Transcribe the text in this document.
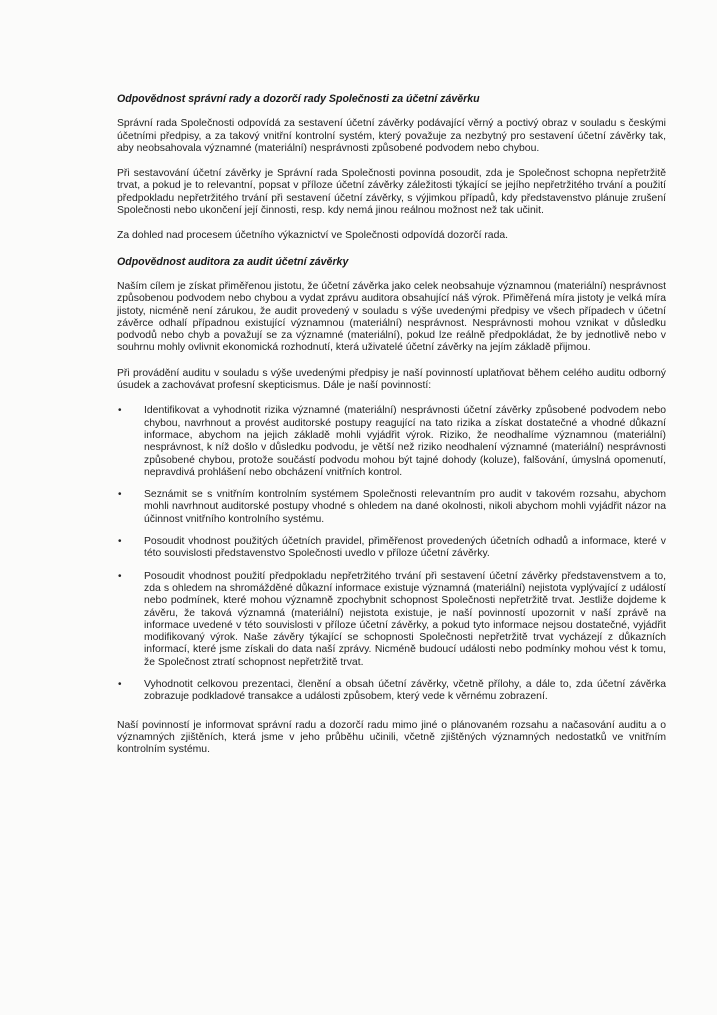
Odpovědnost správní rady a dozorčí rady Společnosti za účetní závěrku

Správní rada Společnosti odpovídá za sestavení účetní závěrky podávající věrný a poctivý obraz v souladu s českými účetními předpisy, a za takový vnitřní kontrolní systém, který považuje za nezbytný pro sestavení účetní závěrky tak, aby neobsahovala významné (materiální) nesprávnosti způsobené podvodem nebo chybou.

Při sestavování účetní závěrky je Správní rada Společnosti povinna posoudit, zda je Společnost schopna nepřetržitě trvat, a pokud je to relevantní, popsat v příloze účetní závěrky záležitosti týkající se jejího nepřetržitého trvání a použití předpokladu nepřetržitého trvání při sestavení účetní závěrky, s výjimkou případů, kdy představenstvo plánuje zrušení Společnosti nebo ukončení její činnosti, resp. kdy nemá jinou reálnou možnost než tak učinit.

Za dohled nad procesem účetního výkaznictví ve Společnosti odpovídá dozorčí rada.

Odpovědnost auditora za audit účetní závěrky

Naším cílem je získat přiměřenou jistotu, že účetní závěrka jako celek neobsahuje významnou (materiální) nesprávnost způsobenou podvodem nebo chybou a vydat zprávu auditora obsahující náš výrok. Přiměřená míra jistoty je velká míra jistoty, nicméně není zárukou, že audit provedený v souladu s výše uvedenými předpisy ve všech případech v účetní závěrce odhalí případnou existující významnou (materiální) nesprávnost. Nesprávnosti mohou vznikat v důsledku podvodů nebo chyb a považují se za významné (materiální), pokud lze reálně předpokládat, že by jednotlivě nebo v souhrnu mohly ovlivnit ekonomická rozhodnutí, která uživatelé účetní závěrky na jejím základě přijmou.

Při provádění auditu v souladu s výše uvedenými předpisy je naší povinností uplatňovat během celého auditu odborný úsudek a zachovávat profesní skepticismus. Dále je naší povinností:

• Identifikovat a vyhodnotit rizika významné (materiální) nesprávnosti účetní závěrky způsobené podvodem nebo chybou, navrhnout a provést auditorské postupy reagující na tato rizika a získat dostatečné a vhodné důkazní informace, abychom na jejich základě mohli vyjádřit výrok. Riziko, že neodhalíme významnou (materiální) nesprávnost, k níž došlo v důsledku podvodu, je větší než riziko neodhalení významné (materiální) nesprávnosti způsobené chybou, protože součástí podvodu mohou být tajné dohody (koluze), falšování, úmyslná opomenutí, nepravdivá prohlášení nebo obcházení vnitřních kontrol.
• Seznámit se s vnitřním kontrolním systémem Společnosti relevantním pro audit v takovém rozsahu, abychom mohli navrhnout auditorské postupy vhodné s ohledem na dané okolnosti, nikoli abychom mohli vyjádřit názor na účinnost vnitřního kontrolního systému.
• Posoudit vhodnost použitých účetních pravidel, přiměřenost provedených účetních odhadů a informace, které v této souvislosti představenstvo Společnosti uvedlo v příloze účetní závěrky.
• Posoudit vhodnost použití předpokladu nepřetržitého trvání při sestavení účetní závěrky představenstvem a to, zda s ohledem na shromážděné důkazní informace existuje významná (materiální) nejistota vyplývající z událostí nebo podmínek, které mohou významně zpochybnit schopnost Společnosti nepřetržitě trvat. Jestliže dojdeme k závěru, že taková významná (materiální) nejistota existuje, je naší povinností upozornit v naší zprávě na informace uvedené v této souvislosti v příloze účetní závěrky, a pokud tyto informace nejsou dostatečné, vyjádřit modifikovaný výrok. Naše závěry týkající se schopnosti Společnosti nepřetržitě trvat vycházejí z důkazních informací, které jsme získali do data naší zprávy. Nicméně budoucí události nebo podmínky mohou vést k tomu, že Společnost ztratí schopnost nepřetržitě trvat.
• Vyhodnotit celkovou prezentaci, členění a obsah účetní závěrky, včetně přílohy, a dále to, zda účetní závěrka zobrazuje podkladové transakce a události způsobem, který vede k věrnému zobrazení.

Naší povinností je informovat správní radu a dozorčí radu mimo jiné o plánovaném rozsahu a načasování auditu a o významných zjištěních, která jsme v jeho průběhu učinili, včetně zjištěných významných nedostatků ve vnitřním kontrolním systému.
